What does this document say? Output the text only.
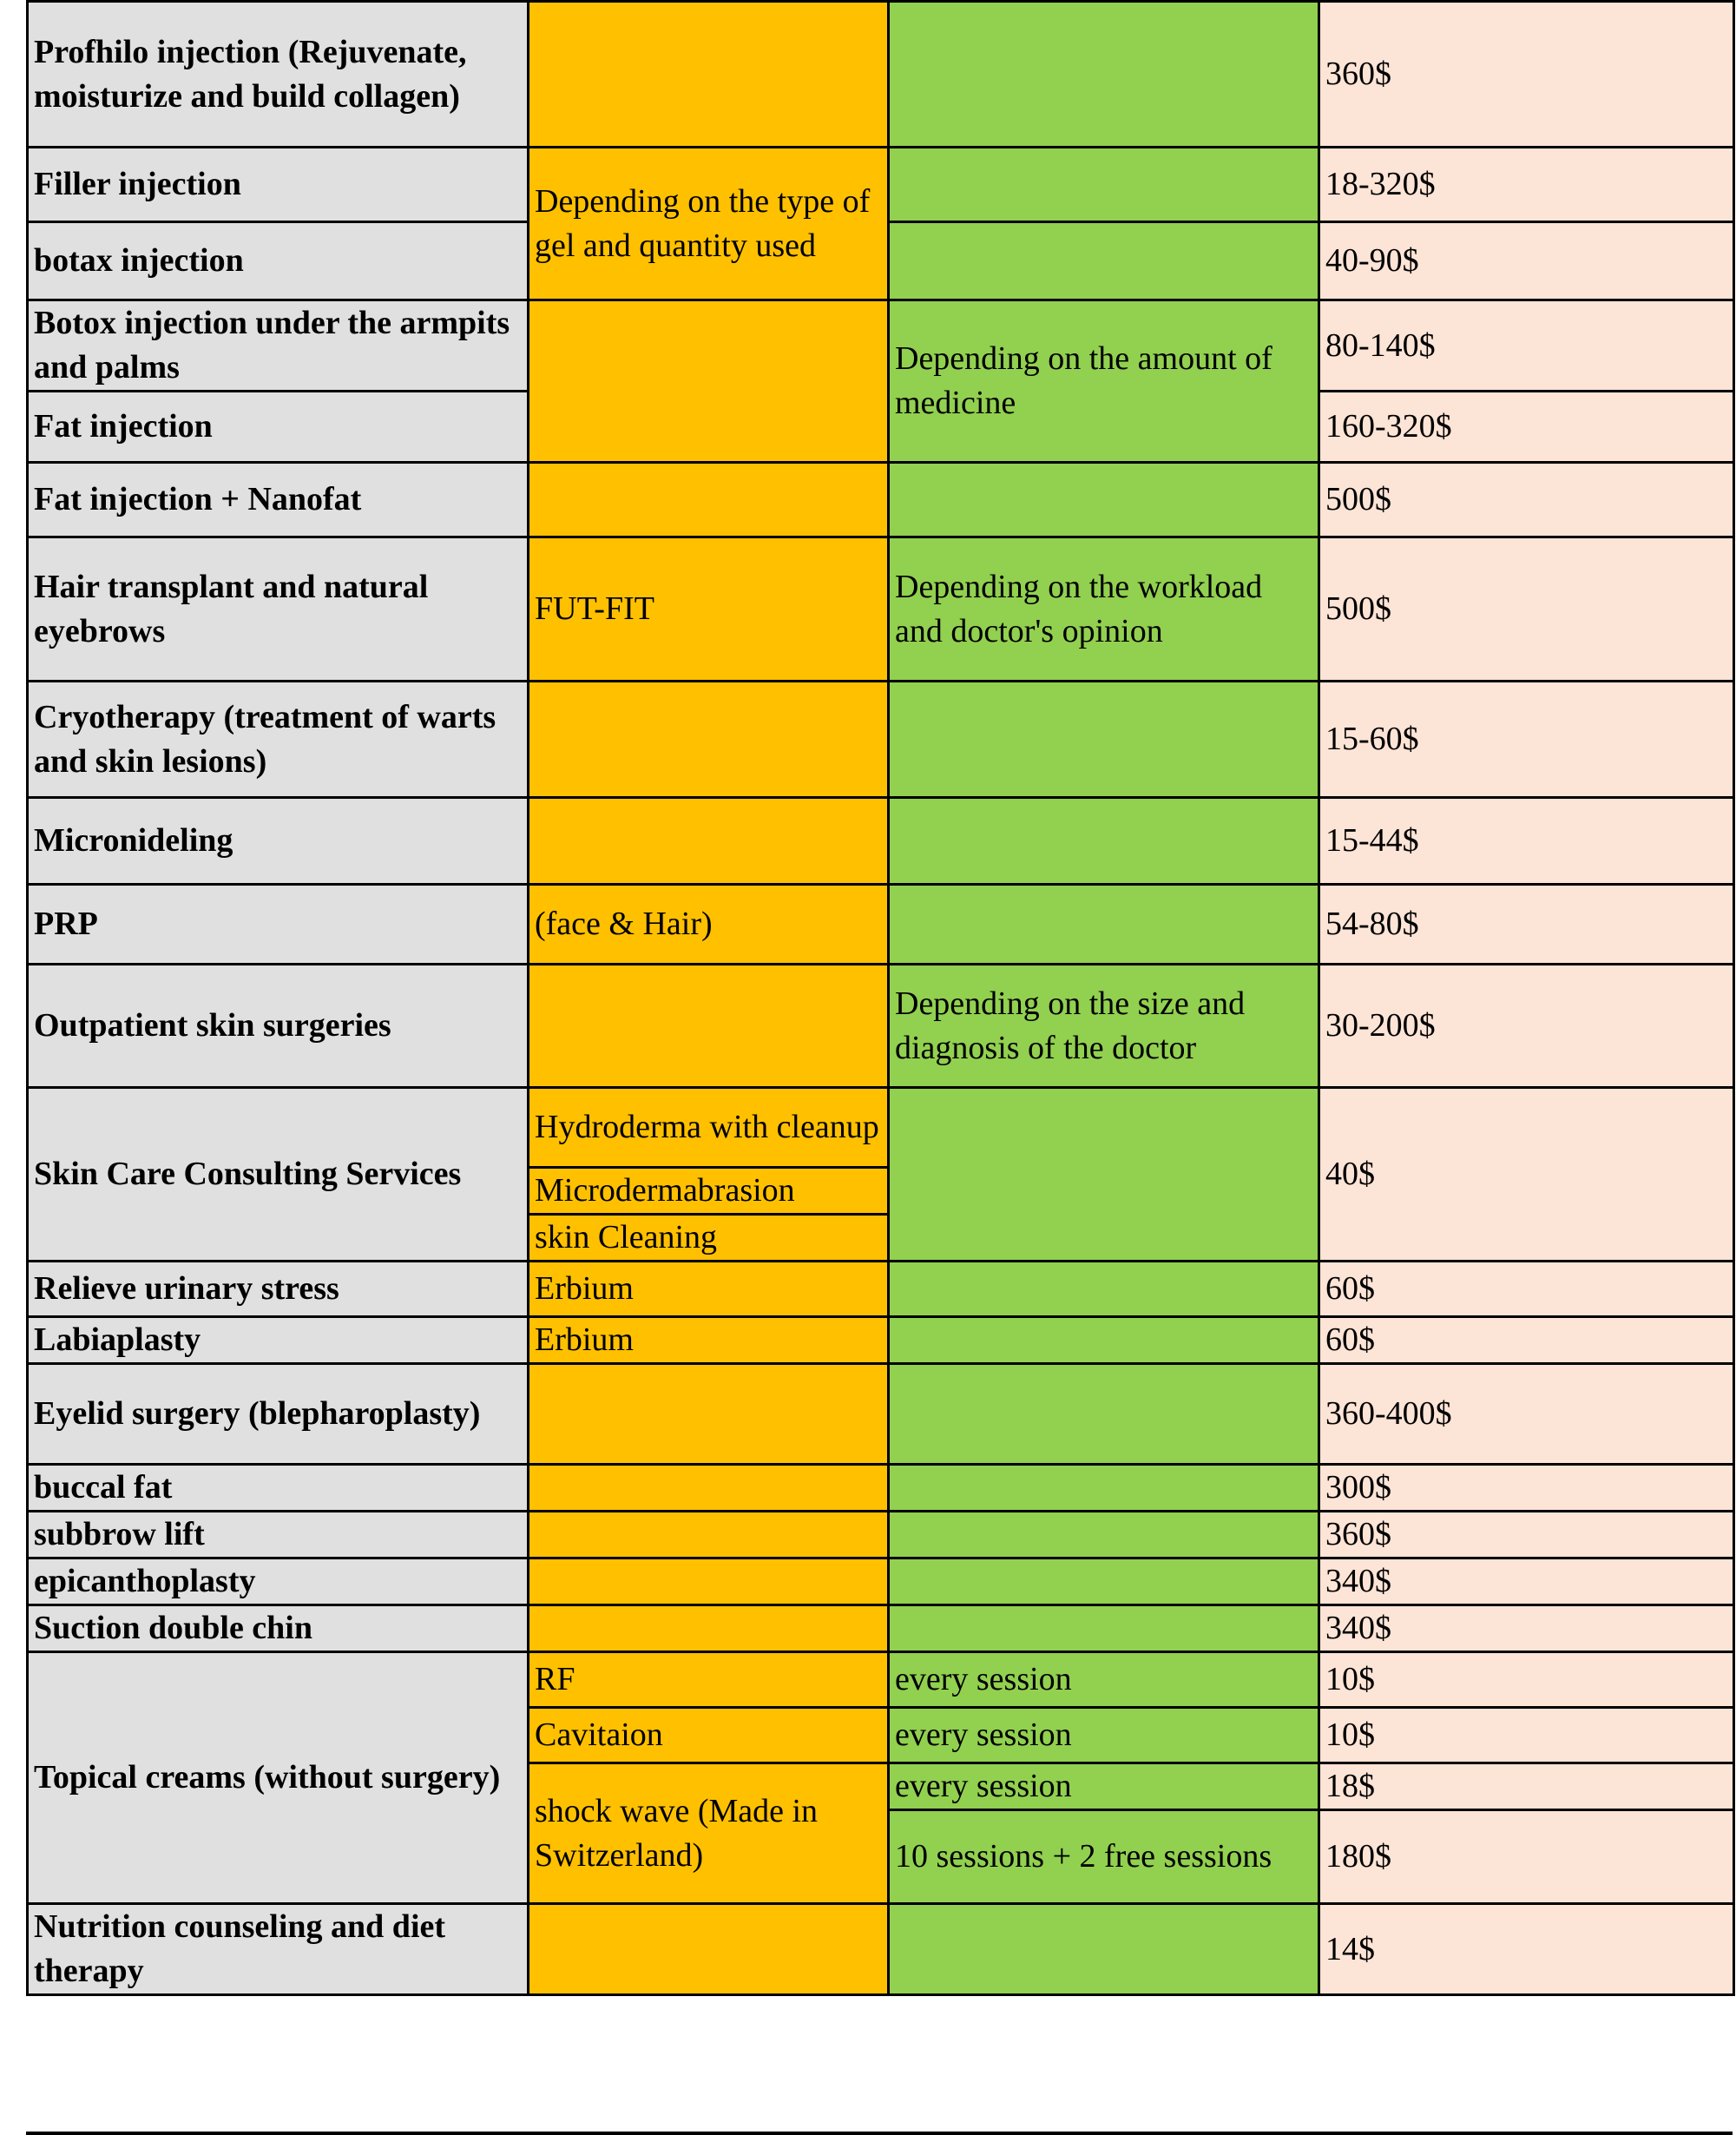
Profhilo injection (Rejuvenate, moisturize and build collagen)			360$
Filler injection	Depending on the type of gel and quantity used		18-320$
botax injection			40-90$
Botox injection under the armpits and palms		Depending on the amount of medicine	80-140$
Fat injection			160-320$
Fat injection + Nanofat			500$
Hair transplant and natural eyebrows	FUT-FIT	Depending on the workload and doctor's opinion	500$
Cryotherapy (treatment of warts and skin lesions)			15-60$
Micronideling			15-44$
PRP	(face & Hair)		54-80$
Outpatient skin surgeries		Depending on the size and diagnosis of the doctor	30-200$
Skin Care Consulting Services	Hydroderma with cleanup		40$
	Microdermabrasion		
	skin Cleaning		
Relieve urinary stress	Erbium		60$
Labiaplasty	Erbium		60$
Eyelid surgery (blepharoplasty)			360-400$
buccal fat			300$
subbrow lift			360$
epicanthoplasty			340$
Suction double chin			340$
Topical creams (without surgery)	RF	every session	10$
	Cavitaion	every session	10$
	shock wave (Made in Switzerland)	every session	18$
		10 sessions + 2 free sessions	180$
Nutrition counseling and diet therapy			14$
